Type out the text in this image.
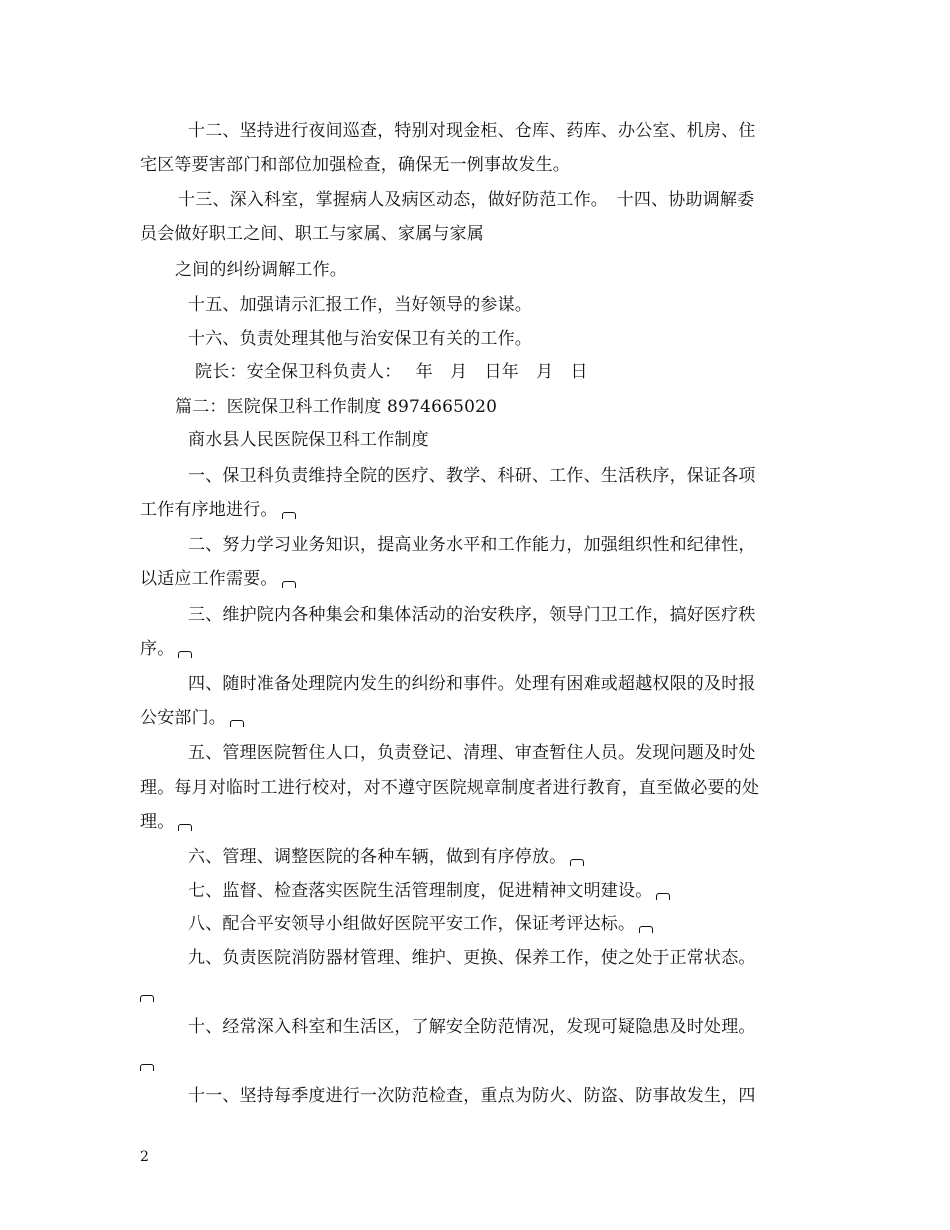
十二、坚持进行夜间巡查，特别对现金柜、仓库、药库、办公室、机房、住
宅区等要害部门和部位加强检查，确保无一例事故发生。
十三、深入科室，掌握病人及病区动态，做好防范工作。　十四、协助调解委
员会做好职工之间、职工与家属、家属与家属
之间的纠纷调解工作。
十五、加强请示汇报工作，当好领导的参谋。
十六、负责处理其他与治安保卫有关的工作。
院长：安全保卫科负责人：　 年　月　日年　月　日
篇二：医院保卫科工作制度 8974665020
商水县人民医院保卫科工作制度
一、保卫科负责维持全院的医疗、教学、科研、工作、生活秩序，保证各项
工作有序地进行。
二、努力学习业务知识，提高业务水平和工作能力，加强组织性和纪律性，
以适应工作需要。
三、维护院内各种集会和集体活动的治安秩序，领导门卫工作，搞好医疗秩
序。
四、随时准备处理院内发生的纠纷和事件。处理有困难或超越权限的及时报
公安部门。
五、管理医院暂住人口，负责登记、清理、审查暂住人员。发现问题及时处
理。每月对临时工进行校对，对不遵守医院规章制度者进行教育，直至做必要的处
理。
六、管理、调整医院的各种车辆，做到有序停放。
七、监督、检查落实医院生活管理制度，促进精神文明建设。
八、配合平安领导小组做好医院平安工作，保证考评达标。
九、负责医院消防器材管理、维护、更换、保养工作，使之处于正常状态。
十、经常深入科室和生活区，了解安全防范情况，发现可疑隐患及时处理。
十一、坚持每季度进行一次防范检查，重点为防火、防盗、防事故发生，四
2
